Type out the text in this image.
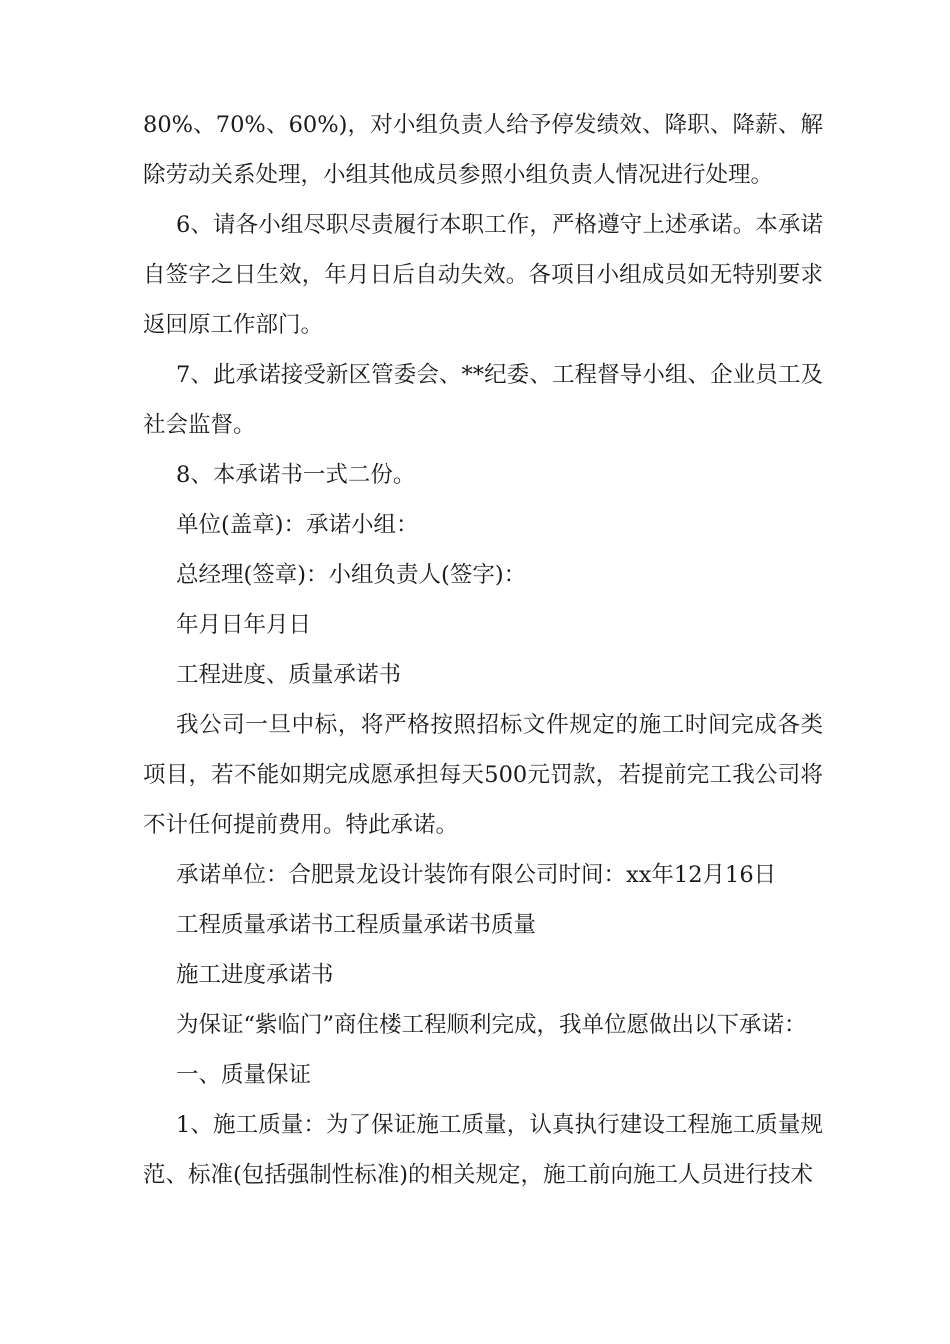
80%、70%、60%)，对小组负责人给予停发绩效、降职、降薪、解除劳动关系处理，小组其他成员参照小组负责人情况进行处理。

6、请各小组尽职尽责履行本职工作，严格遵守上述承诺。本承诺自签字之日生效，年月日后自动失效。各项目小组成员如无特别要求返回原工作部门。

7、此承诺接受新区管委会、**纪委、工程督导小组、企业员工及社会监督。

8、本承诺书一式二份。

单位(盖章)：承诺小组：

总经理(签章)：小组负责人(签字)：

年月日年月日

工程进度、质量承诺书

我公司一旦中标，将严格按照招标文件规定的施工时间完成各类项目，若不能如期完成愿承担每天500元罚款，若提前完工我公司将不计任何提前费用。特此承诺。

承诺单位：合肥景龙设计装饰有限公司时间：xx年12月16日

工程质量承诺书工程质量承诺书质量

施工进度承诺书

为保证“紫临门”商住楼工程顺利完成，我单位愿做出以下承诺：

一、质量保证

1、施工质量：为了保证施工质量，认真执行建设工程施工质量规范、标准(包括强制性标准)的相关规定，施工前向施工人员进行技术
